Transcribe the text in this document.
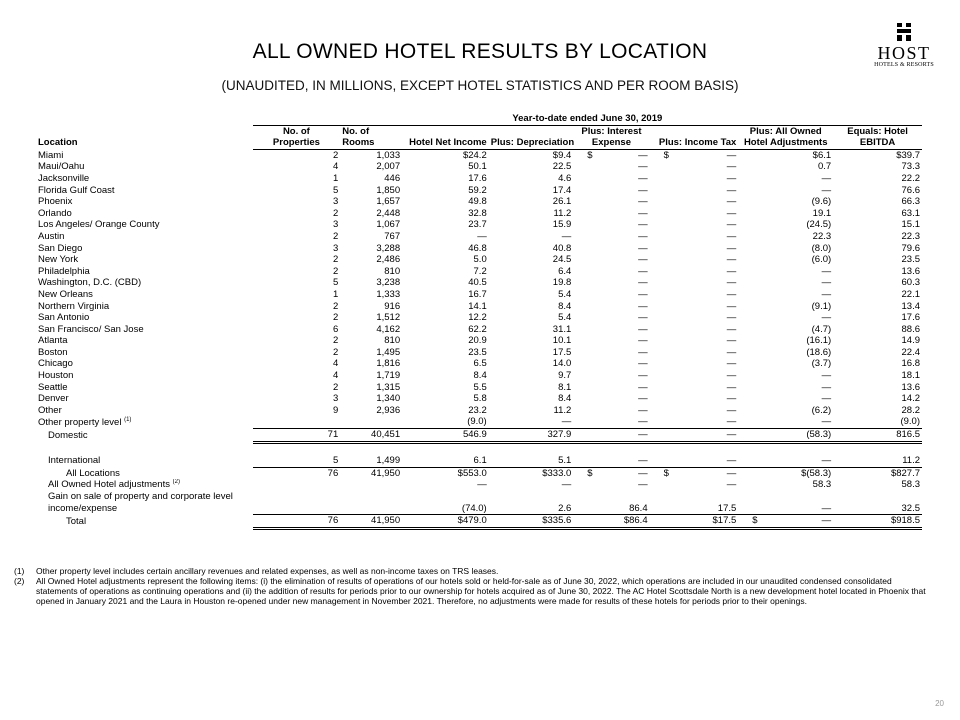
ALL OWNED HOTEL RESULTS BY LOCATION
(UNAUDITED, IN MILLIONS, EXCEPT HOTEL STATISTICS AND PER ROOM BASIS)
HOST
HOTELS & RESORTS
	Year-to-date ended June 30, 2019							
	No. of	No. of			Plus: Interest		Plus: All Owned	Equals: Hotel
Location	Properties	Rooms	Hotel Net Income	Plus: Depreciation	Expense	Plus: Income Tax	Hotel Adjustments	EBITDA
Miami	2	1,033	$24.2	$9.4	$ —	$ —	$6.1	$39.7
Maui/Oahu	4	2,007	50.1	22.5	—	—	0.7	73.3
Jacksonville	1	446	17.6	4.6	—	—	—	22.2
Florida Gulf Coast	5	1,850	59.2	17.4	—	—	—	76.6
Phoenix	3	1,657	49.8	26.1	—	—	(9.6)	66.3
Orlando	2	2,448	32.8	11.2	—	—	19.1	63.1
Los Angeles/ Orange County	3	1,067	23.7	15.9	—	—	(24.5)	15.1
Austin	2	767	—	—	—	—	22.3	22.3
San Diego	3	3,288	46.8	40.8	—	—	(8.0)	79.6
New York	2	2,486	5.0	24.5	—	—	(6.0)	23.5
Philadelphia	2	810	7.2	6.4	—	—	—	13.6
Washington, D.C. (CBD)	5	3,238	40.5	19.8	—	—	—	60.3
New Orleans	1	1,333	16.7	5.4	—	—	—	22.1
Northern Virginia	2	916	14.1	8.4	—	—	(9.1)	13.4
San Antonio	2	1,512	12.2	5.4	—	—	—	17.6
San Francisco/ San Jose	6	4,162	62.2	31.1	—	—	(4.7)	88.6
Atlanta	2	810	20.9	10.1	—	—	(16.1)	14.9
Boston	2	1,495	23.5	17.5	—	—	(18.6)	22.4
Chicago	4	1,816	6.5	14.0	—	—	(3.7)	16.8
Houston	4	1,719	8.4	9.7	—	—	—	18.1
Seattle	2	1,315	5.5	8.1	—	—	—	13.6
Denver	3	1,340	5.8	8.4	—	—	—	14.2
Other	9	2,936	23.2	11.2	—	—	(6.2)	28.2
Other property level $^{(1)}$			(9.0)	—	—	—	—	(9.0)
Domestic	71	40,451	546.9	327.9	—	—	(58.3)	816.5

International	5	1,499	6.1	5.1	—	—	—	11.2
All Locations	76	41,950	$553.0	$333.0	$ —	$ —	$(58.3)	$827.7
All Owned Hotel adjustments $^{(2)}$			—	—	—	—	58.3	58.3
Gain on sale of property and corporate level								
income/expense			(74.0)	2.6	86.4	17.5	—	32.5
Total	76	41,950	$479.0	$335.6	$86.4	$17.5	$ —	$918.5
(1)	Other property level includes certain ancillary revenues and related expenses, as well as non-income taxes on TRS leases.
(2)	All Owned Hotel adjustments represent the following items: (i) the elimination of results of operations of our hotels sold or held-for-sale as of June 30, 2022, which operations are included in our unaudited condensed consolidated statements of operations as continuing operations and (ii) the addition of results for periods prior to our ownership for hotels acquired as of June 30, 2022. The AC Hotel Scottsdale North is a new development hotel located in Phoenix that opened in January 2021 and the Laura in Houston re-opened under new management in November 2021. Therefore, no adjustments were made for results of these hotels for periods prior to their openings.
20
